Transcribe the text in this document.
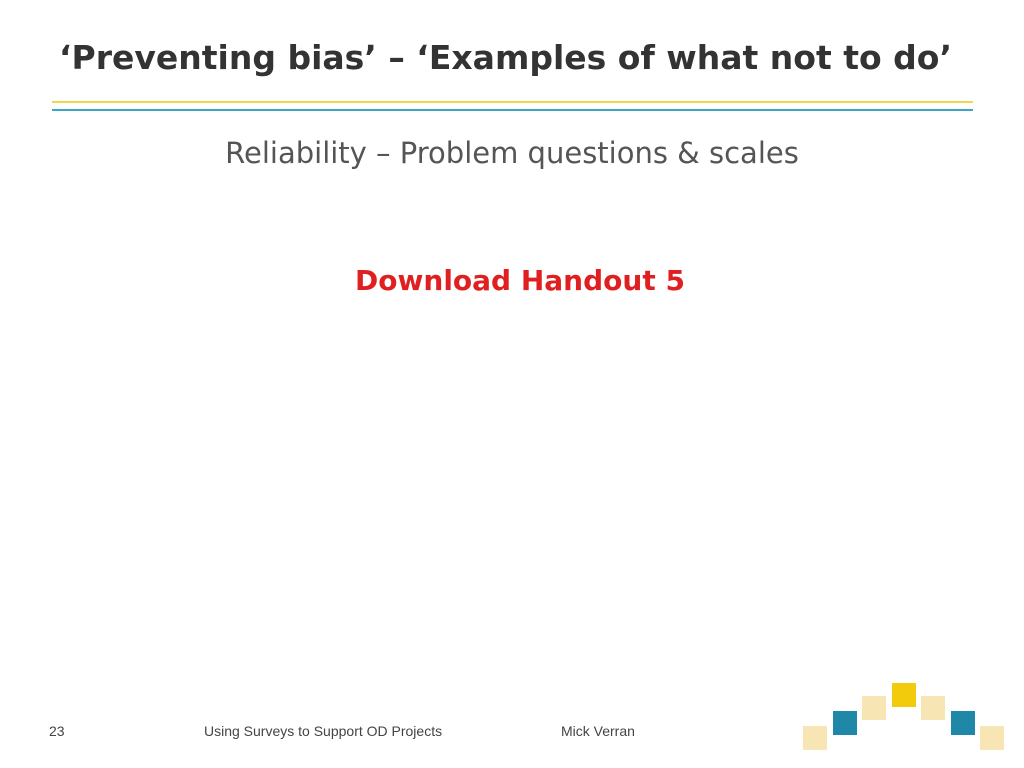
‘Preventing bias’ – ‘Examples of what not to do’
Reliability – Problem questions & scales
Download Handout 5
23	Using Surveys to Support OD Projects	Mick Verran
